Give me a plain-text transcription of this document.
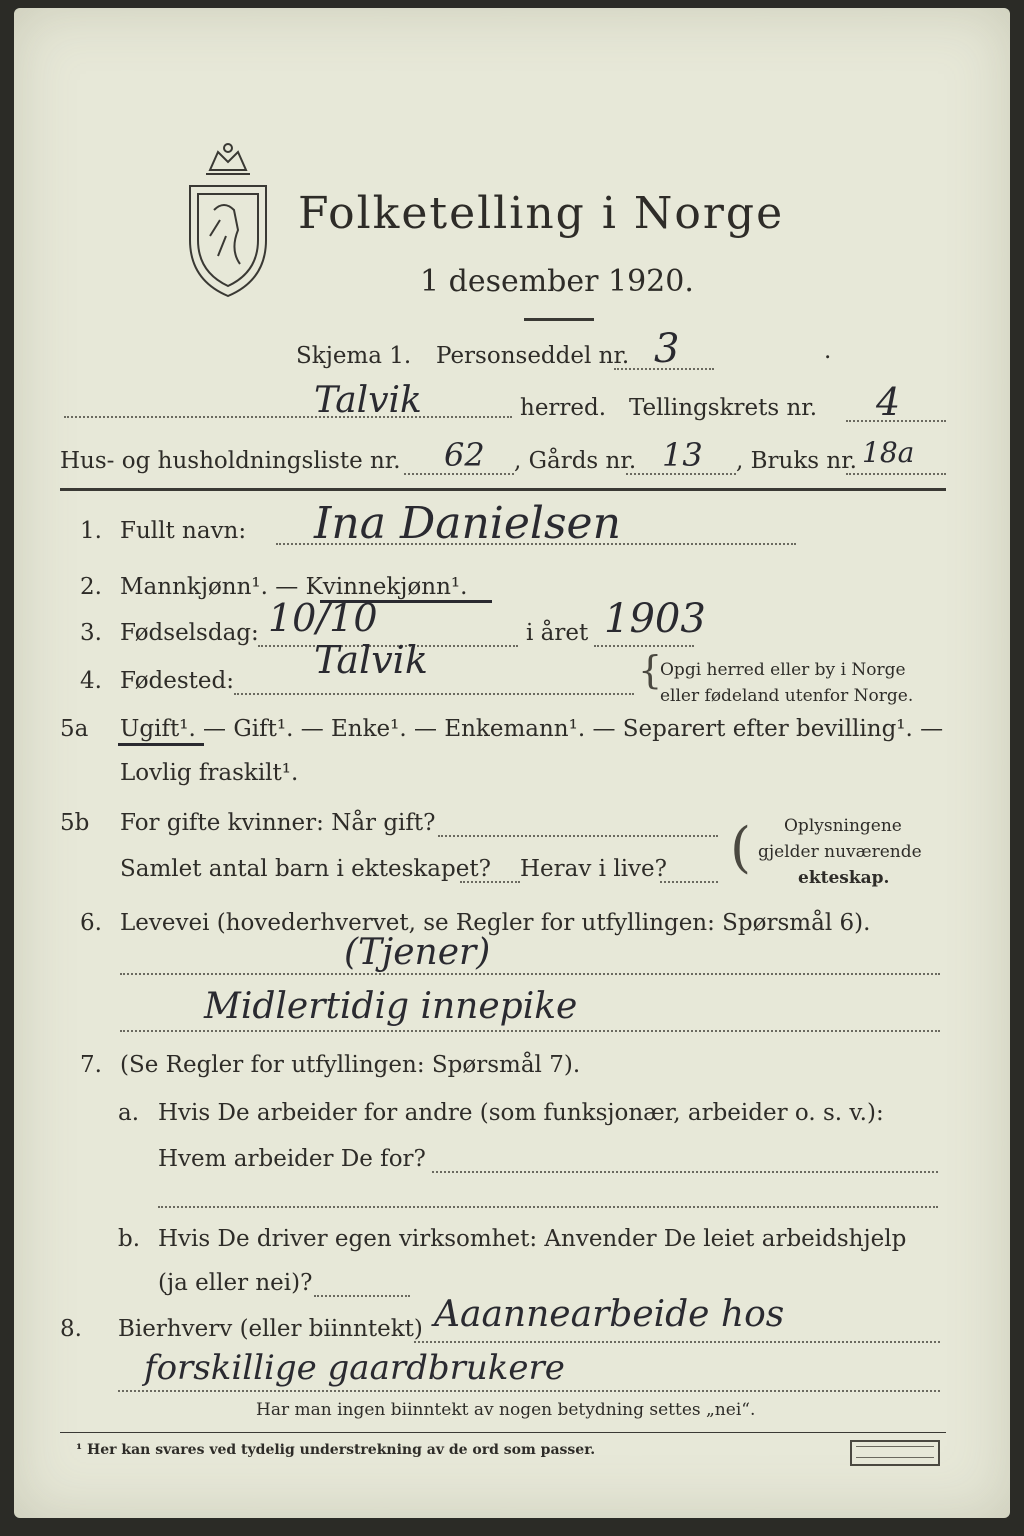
Folketelling i Norge
1 desember 1920.
Skjema 1. Personseddel nr. 3	.
Talvik	herred. Tellingskrets nr. 4
Hus- og husholdningsliste nr. 62 , Gårds nr. 13 , Bruks nr. 18a
1. Fullt navn: Ina Danielsen
2. Mannkjønn¹. — Kvinnekjønn¹.
3. Fødselsdag: 10/10	i året 1903
4. Fødested: Talvik	{
Opgi herred eller by i Norge
eller fødeland utenfor Norge.
5a Ugift¹. — Gift¹. — Enke¹. — Enkemann¹. — Separert efter bevilling¹. —
Lovlig fraskilt¹.
5b For gifte kvinner: Når gift?
Samlet antal barn i ekteskapet? Herav i live? ( Oplysningene
gjelder nuværende
ekteskap.
6. Levevei (hovederhvervet, se Regler for utfyllingen: Spørsmål 6).
(Tjener)
Midlertidig innepike
7. (Se Regler for utfyllingen: Spørsmål 7).
a. Hvis De arbeider for andre (som funksjonær, arbeider o. s. v.):
Hvem arbeider De for?
b. Hvis De driver egen virksomhet: Anvender De leiet arbeidshjelp
(ja eller nei)?
8. Bierhverv (eller biinntekt) Aaannearbeide hos
forskillige gaardbrukere
Har man ingen biinntekt av nogen betydning settes „nei“.
¹ Her kan svares ved tydelig understrekning av de ord som passer.
